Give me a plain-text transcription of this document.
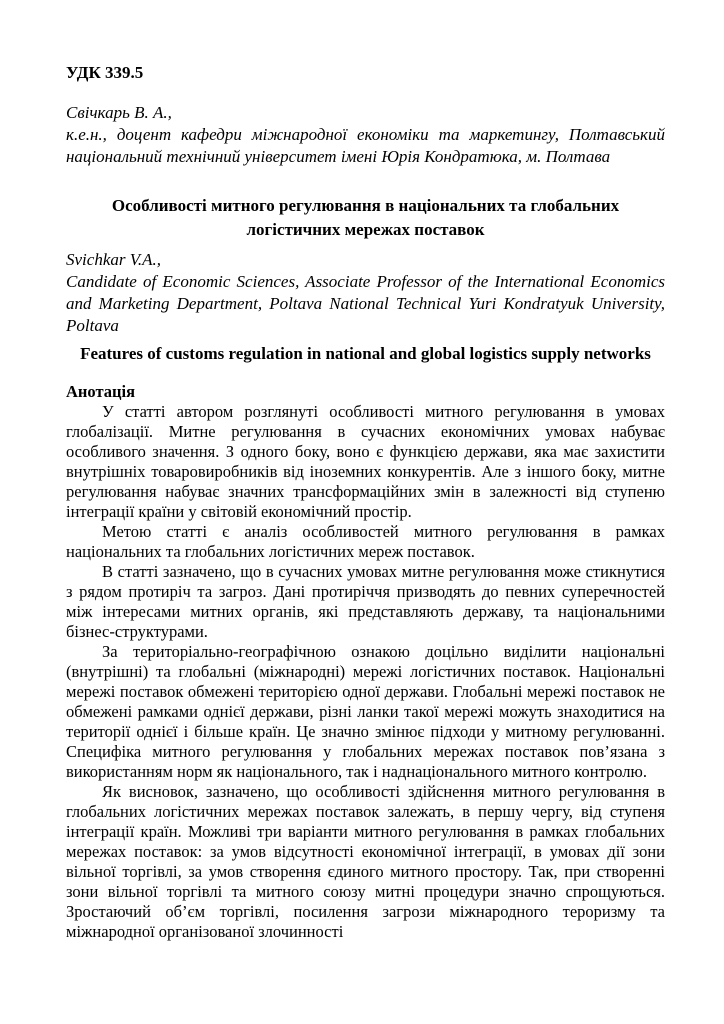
УДК 339.5

Свічкарь В. А.,
к.е.н., доцент кафедри міжнародної економіки та маркетингу, Полтавський національний технічний університет імені Юрія Кондратюка, м. Полтава
Особливості митного регулювання в національних та глобальних логістичних мережах поставок
Svichkar V.A.,
Candidate of Economic Sciences, Associate Professor of the International Economics and Marketing Department, Poltava National Technical Yuri Kondratyuk University, Poltava
Features of customs regulation in national and global logistics supply networks

Анотація

У статті автором розглянуті особливості митного регулювання в умовах глобалізації. Митне регулювання в сучасних економічних умовах набуває особливого значення. З одного боку, воно є функцією держави, яка має захистити внутрішніх товаровиробників від іноземних конкурентів. Але з іншого боку, митне регулювання набуває значних трансформаційних змін в залежності від ступеню інтеграції країни у світовій економічний простір.

Метою статті є аналіз особливостей митного регулювання в рамках національних та глобальних логістичних мереж поставок.

В статті зазначено, що в сучасних умовах митне регулювання може стикнутися з рядом протиріч та загроз. Дані протиріччя призводять до певних суперечностей між інтересами митних органів, які представляють державу, та національними бізнес-структурами.

За територіально-географічною ознакою доцільно виділити національні (внутрішні) та глобальні (міжнародні) мережі логістичних поставок. Національні мережі поставок обмежені територією одної держави. Глобальні мережі поставок не обмежені рамками однієї держави, різні ланки такої мережі можуть знаходитися на території однієї і більше країн. Це значно змінює підходи у митному регулюванні. Специфіка митного регулювання у глобальних мережах поставок пов’язана з використанням норм як національного, так і наднаціонального митного контролю.

Як висновок, зазначено, що особливості здійснення митного регулювання в глобальних логістичних мережах поставок залежать, в першу чергу, від ступеня інтеграції країн. Можливі три варіанти митного регулювання в рамках глобальних мережах поставок: за умов відсутності економічної інтеграції, в умовах дії зони вільної торгівлі, за умов створення єдиного митного простору. Так, при створенні зони вільної торгівлі та митного союзу митні процедури значно спрощуються. Зростаючий об’єм торгівлі, посилення загрози міжнародного тероризму та міжнародної організованої злочинності
